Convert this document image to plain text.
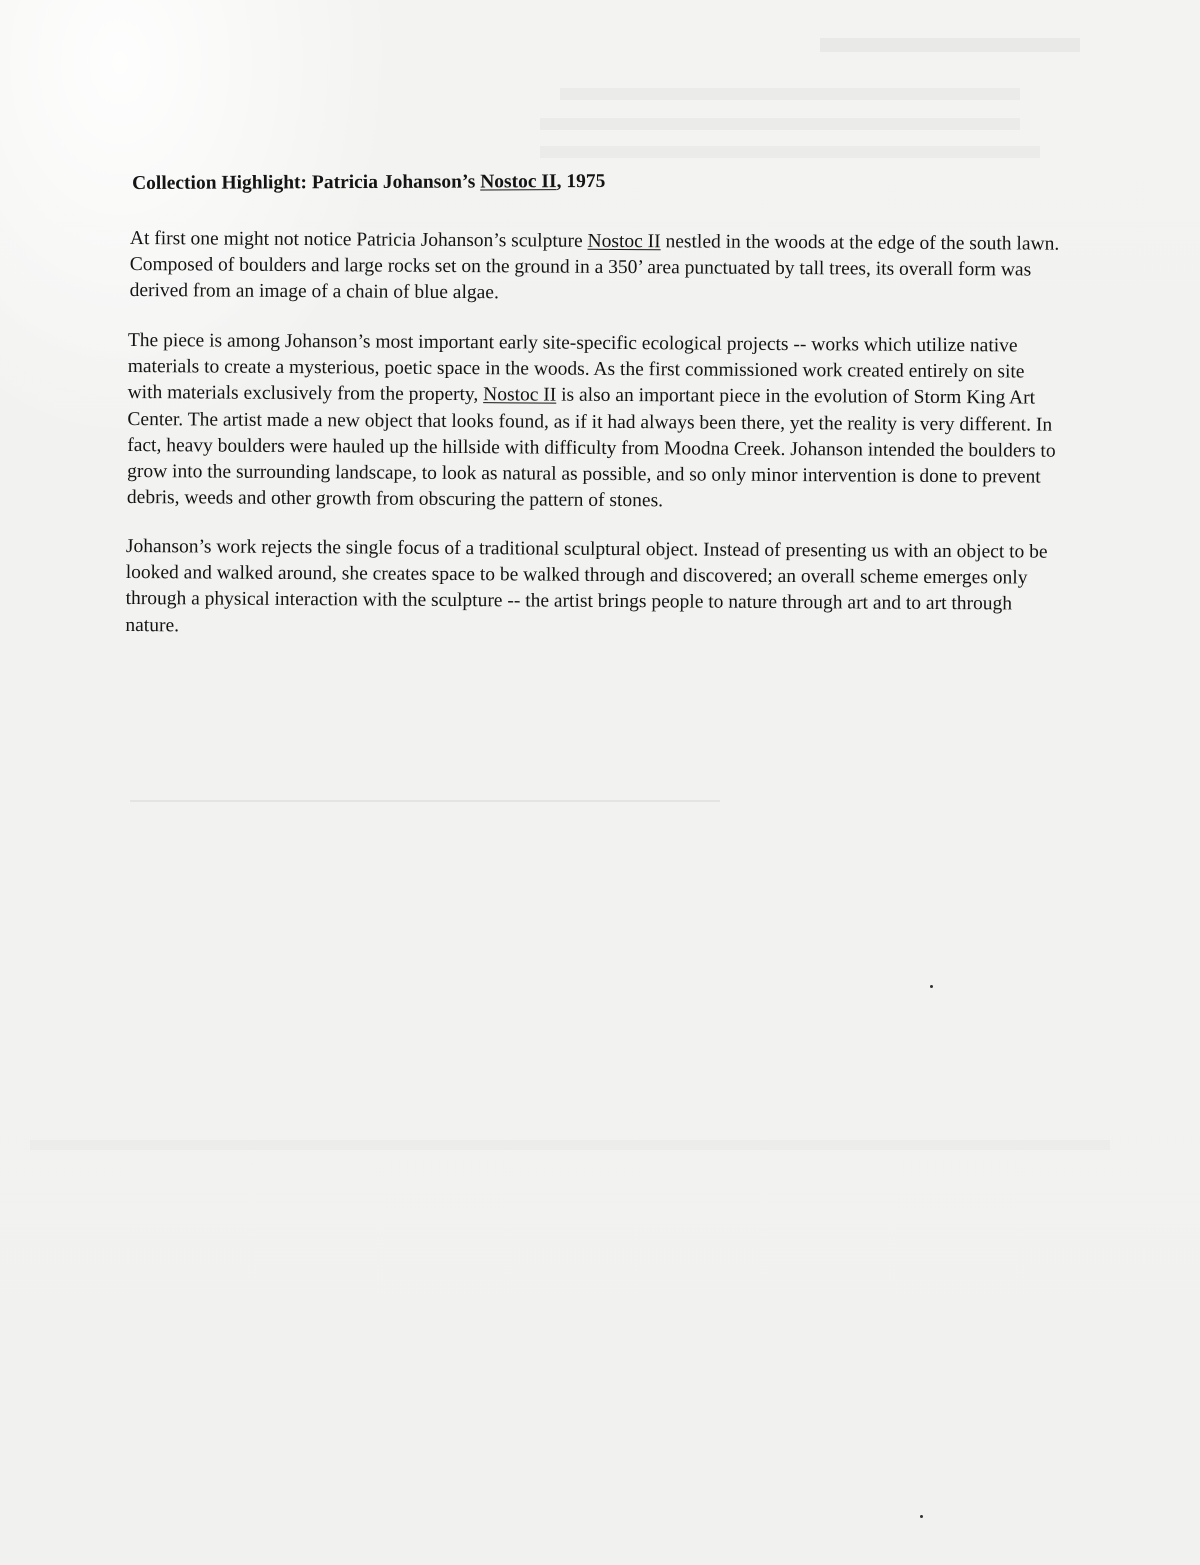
Collection Highlight: Patricia Johanson’s Nostoc II, 1975

At first one might not notice Patricia Johanson’s sculpture Nostoc II nestled in the woods at the edge of the south lawn. Composed of boulders and large rocks set on the ground in a 350’ area punctuated by tall trees, its overall form was derived from an image of a chain of blue algae.

The piece is among Johanson’s most important early site-specific ecological projects -- works which utilize native materials to create a mysterious, poetic space in the woods. As the first commissioned work created entirely on site with materials exclusively from the property, Nostoc II is also an important piece in the evolution of Storm King Art Center. The artist made a new object that looks found, as if it had always been there, yet the reality is very different. In fact, heavy boulders were hauled up the hillside with difficulty from Moodna Creek. Johanson intended the boulders to grow into the surrounding landscape, to look as natural as possible, and so only minor intervention is done to prevent debris, weeds and other growth from obscuring the pattern of stones.

Johanson’s work rejects the single focus of a traditional sculptural object. Instead of presenting us with an object to be looked and walked around, she creates space to be walked through and discovered; an overall scheme emerges only through a physical interaction with the sculpture -- the artist brings people to nature through art and to art through nature.
